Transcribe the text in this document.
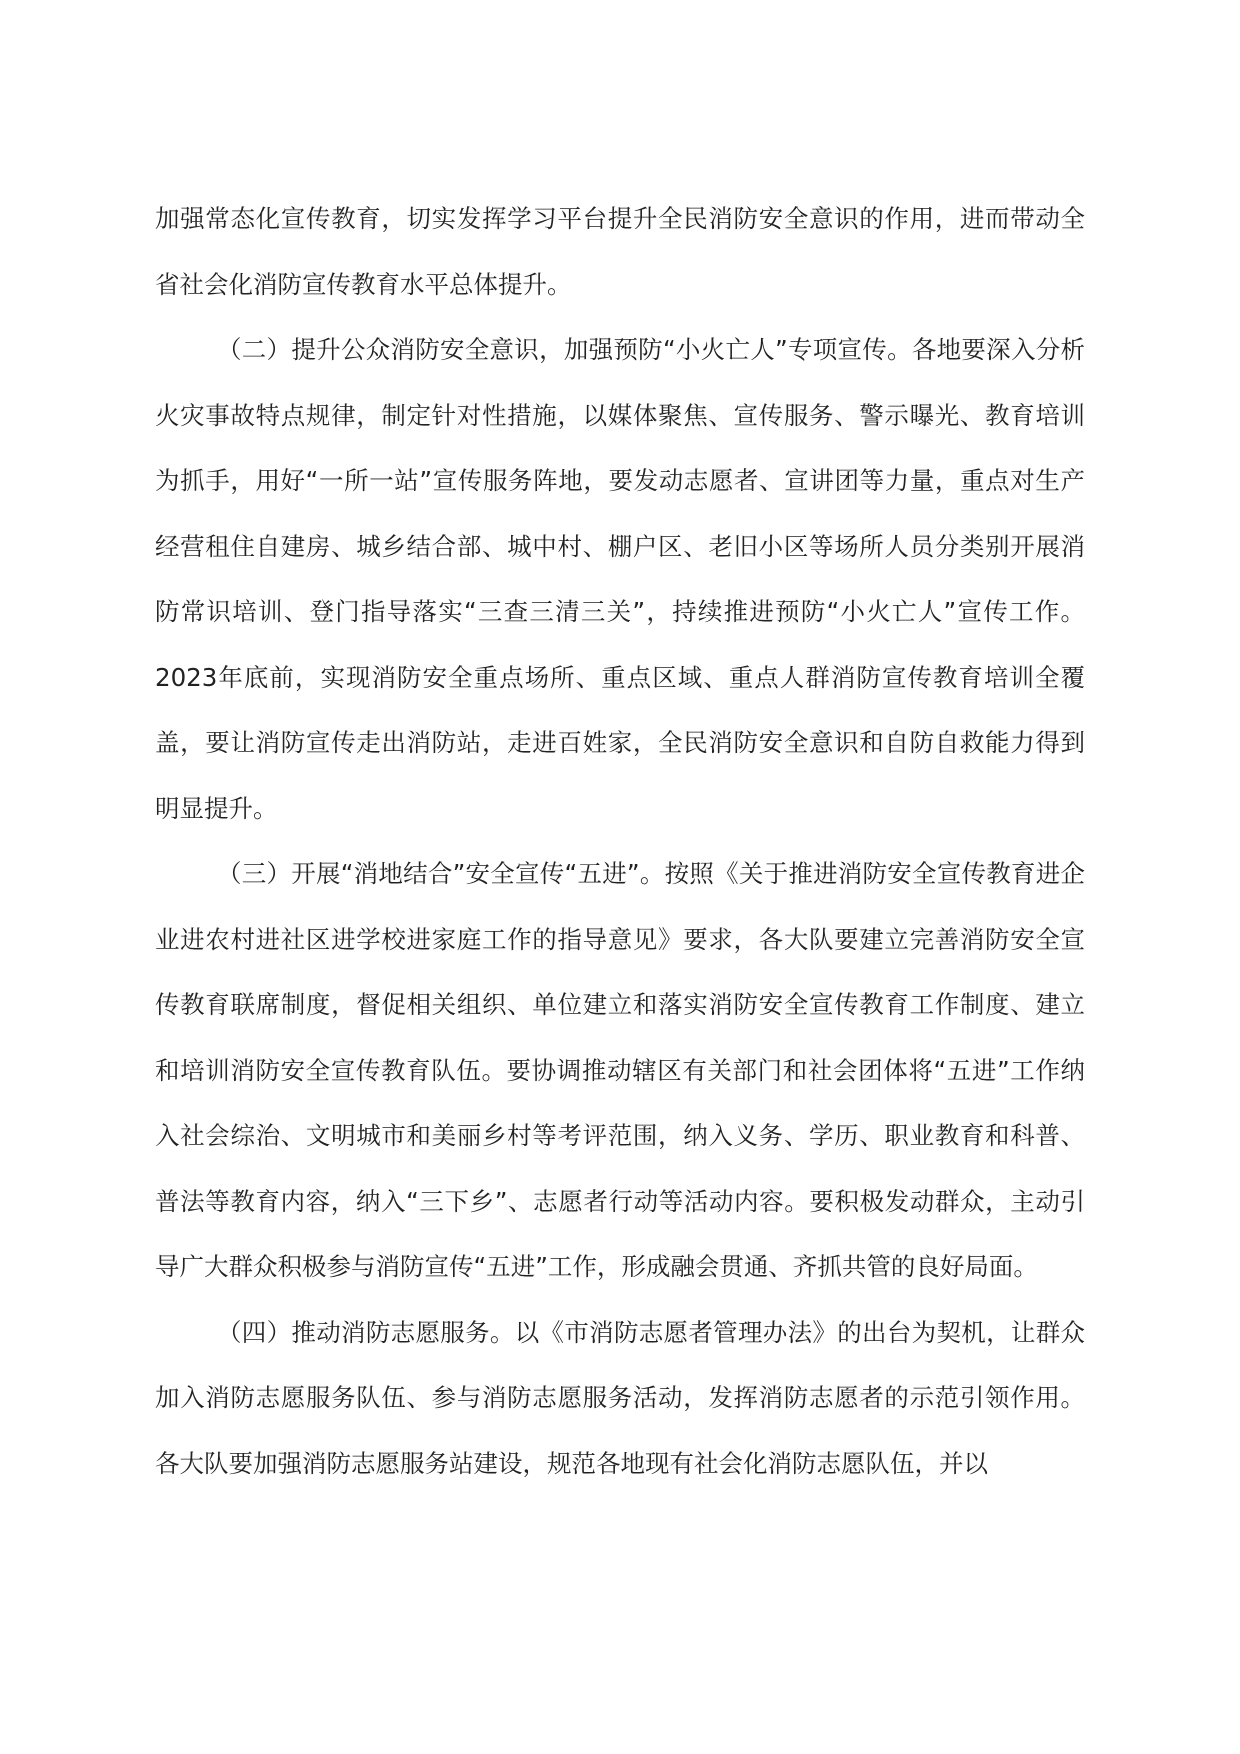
加强常态化宣传教育，切实发挥学习平台提升全民消防安全意识的作用，进而带动全省社会化消防宣传教育水平总体提升。

（二）提升公众消防安全意识，加强预防“小火亡人”专项宣传。各地要深入分析火灾事故特点规律，制定针对性措施，以媒体聚焦、宣传服务、警示曝光、教育培训为抓手，用好“一所一站”宣传服务阵地，要发动志愿者、宣讲团等力量，重点对生产经营租住自建房、城乡结合部、城中村、棚户区、老旧小区等场所人员分类别开展消防常识培训、登门指导落实“三查三清三关”，持续推进预防“小火亡人”宣传工作。2023年底前，实现消防安全重点场所、重点区域、重点人群消防宣传教育培训全覆盖，要让消防宣传走出消防站，走进百姓家，全民消防安全意识和自防自救能力得到明显提升。

（三）开展“消地结合”安全宣传“五进”。按照《关于推进消防安全宣传教育进企业进农村进社区进学校进家庭工作的指导意见》要求，各大队要建立完善消防安全宣传教育联席制度，督促相关组织、单位建立和落实消防安全宣传教育工作制度、建立和培训消防安全宣传教育队伍。要协调推动辖区有关部门和社会团体将“五进”工作纳入社会综治、文明城市和美丽乡村等考评范围，纳入义务、学历、职业教育和科普、普法等教育内容，纳入“三下乡”、志愿者行动等活动内容。要积极发动群众，主动引导广大群众积极参与消防宣传“五进”工作，形成融会贯通、齐抓共管的良好局面。

（四）推动消防志愿服务。以《市消防志愿者管理办法》的出台为契机，让群众加入消防志愿服务队伍、参与消防志愿服务活动，发挥消防志愿者的示范引领作用。各大队要加强消防志愿服务站建设，规范各地现有社会化消防志愿队伍，并以
